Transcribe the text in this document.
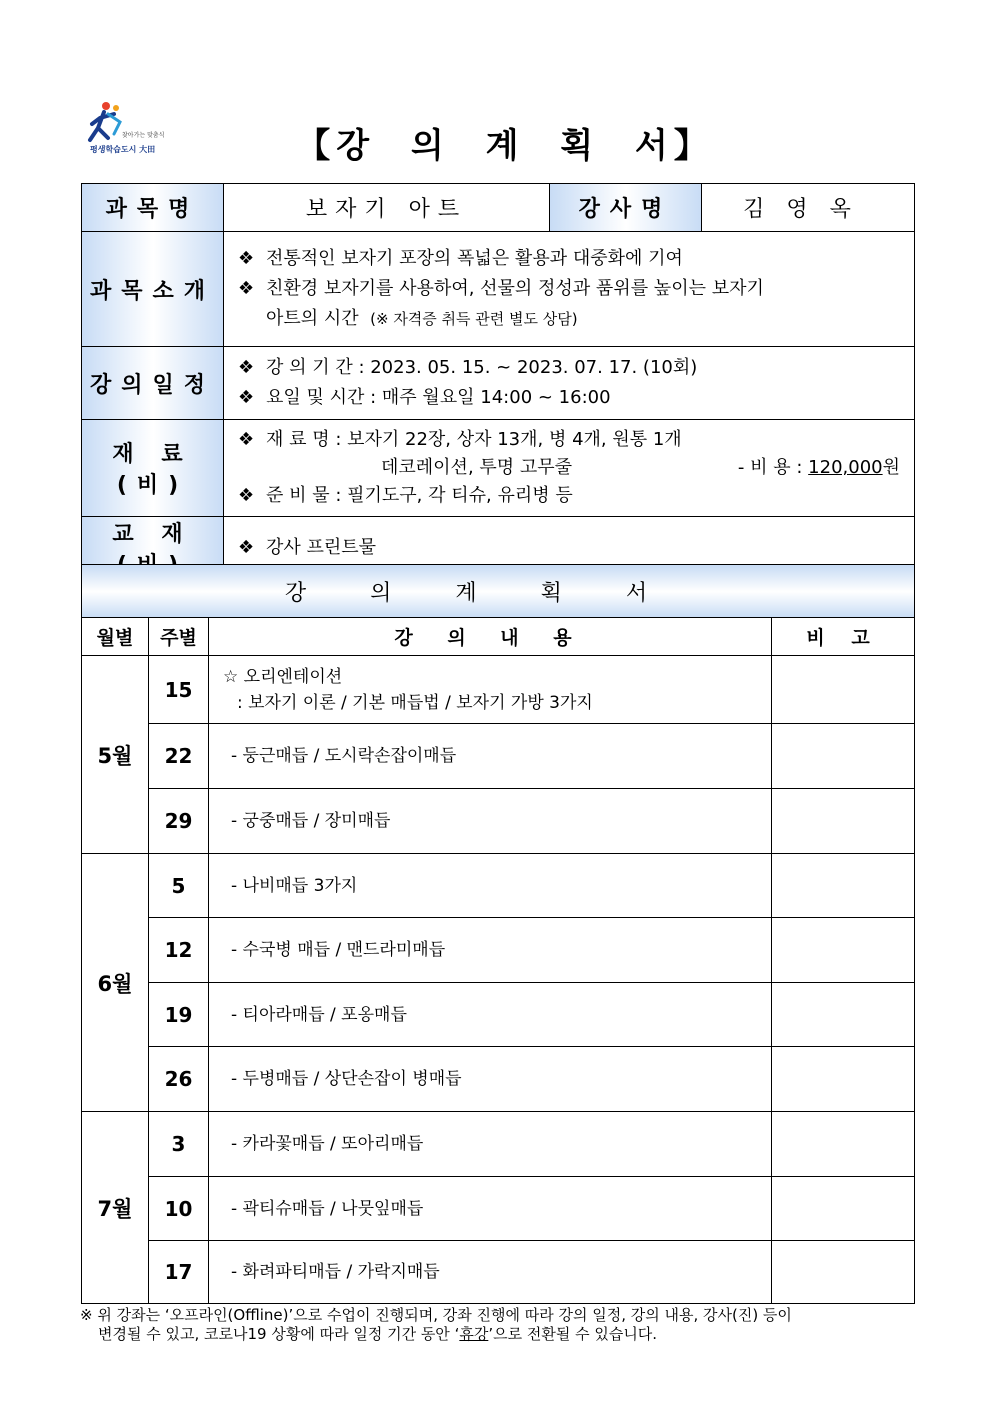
찾아가는 맞춤식
평생학습도시 大田	【강 의 계 획 서】
과목명	보자기 아트	강사명	김영옥
과목소개	❖ 전통적인 보자기 포장의 폭넓은 활용과 대중화에 기여
❖ 친환경 보자기를 사용하여, 선물의 정성과 품위를 높이는 보자기
아트의 시간 (※ 자격증 취득 관련 별도 상담)		

강의일정	❖ 강 의 기 간 : 2023. 05. 15. ~ 2023. 07. 17. (10회)
❖ 요일 및 시간 : 매주 월요일 14:00 ~ 16:00		

재 료 (비)	❖ 재 료 명 : 보자기 22장, 상자 13개, 병 4개, 원통 1개
데코레이션, 투명 고무줄 - 비 용 : 120,000원
❖ 준 비 물 : 필기도구, 각 티슈, 유리병 등		

교 재	❖ 강사 프린트물		
강의계획서			
월별	주별	강 의 내 용	비 고
5월	15	☆ 오리엔테이션
: 보자기 이론 / 기본 매듭법 / 보자기 가방 3가지	

	22	- 둥근매듭 / 도시락손잡이매듭	
	29	- 궁중매듭 / 장미매듭	
6월	5	- 나비매듭 3가지	
	12	- 수국병 매듭 / 맨드라미매듭	
	19	- 티아라매듭 / 포옹매듭	
	26	- 두병매듭 / 상단손잡이 병매듭	
7월	3	- 카라꽃매듭 / 또아리매듭	
	10	- 곽티슈매듭 / 나뭇잎매듭	
	17	- 화려파티매듭 / 가락지매듭	
※ 위 강좌는 ‘오프라인(Offline)’으로 수업이 진행되며, 강좌 진행에 따라 강의 일정, 강의 내용, 강사(진) 등이
변경될 수 있고, 코로나19 상황에 따라 일정 기간 동안 ‘휴강’으로 전환될 수 있습니다.
